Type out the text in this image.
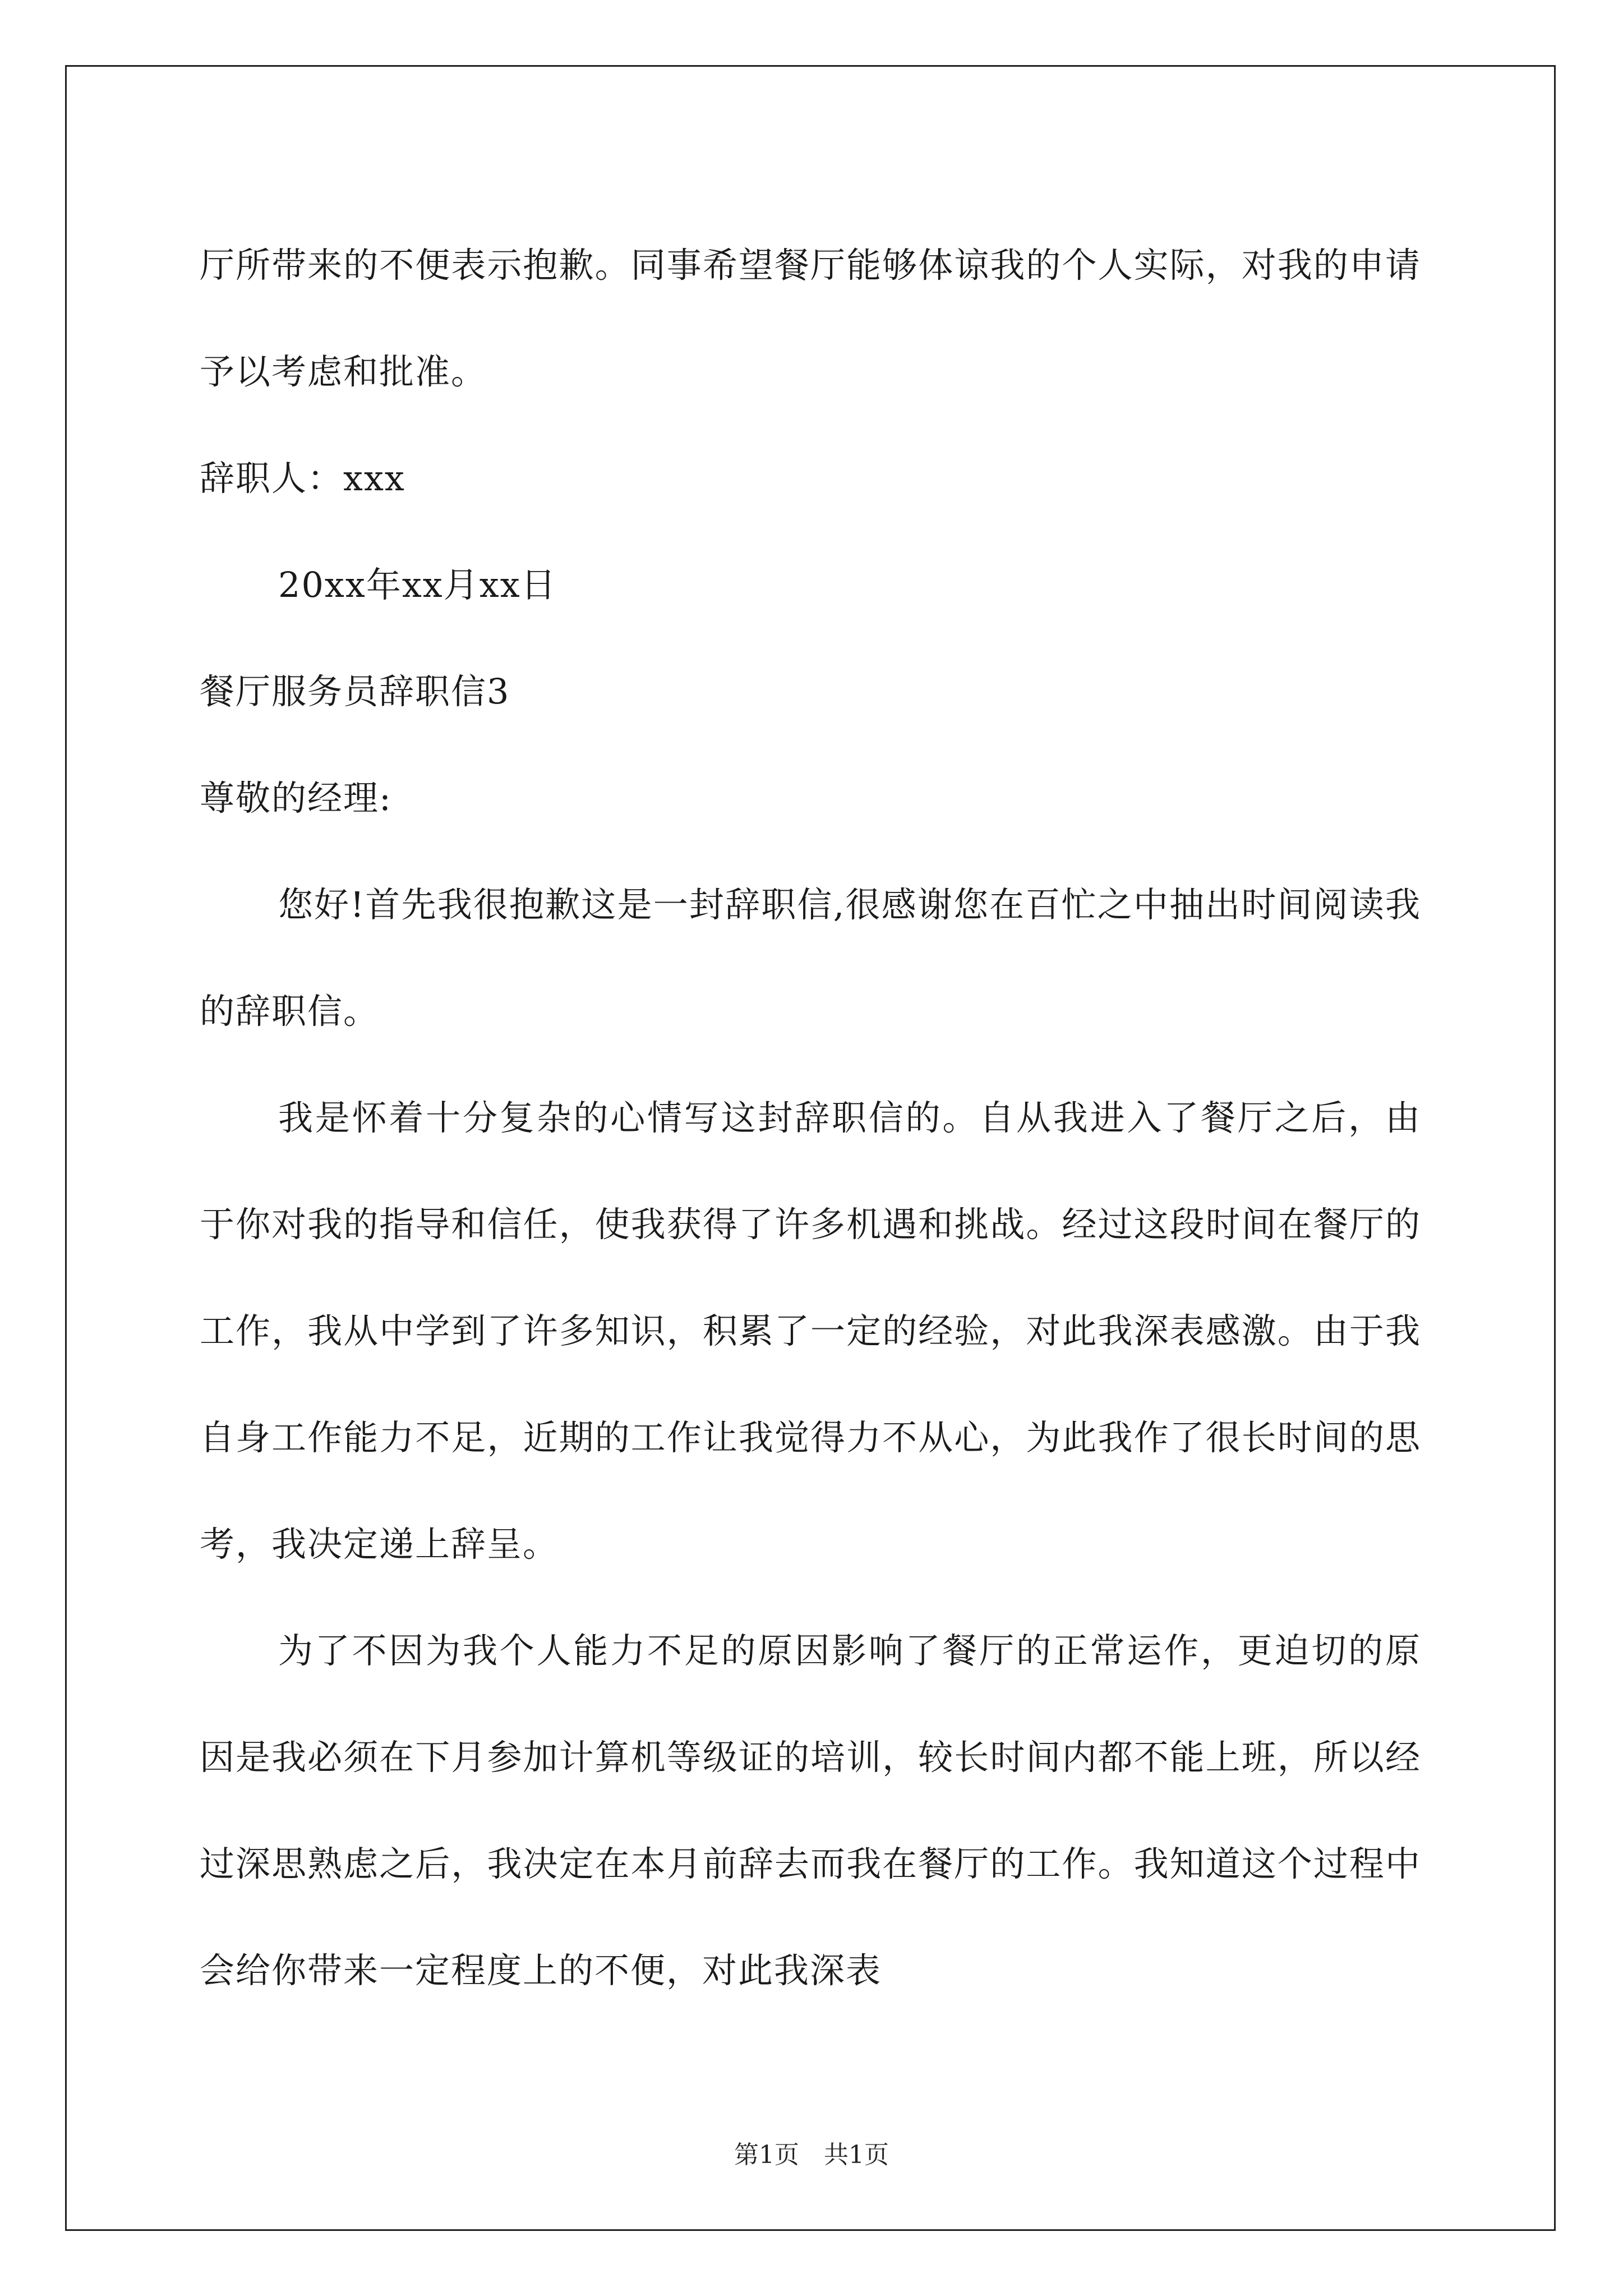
厅所带来的不便表示抱歉。同事希望餐厅能够体谅我的个人实际，对我的申请予以考虑和批准。

辞职人：xxx

20xx年xx月xx日

餐厅服务员辞职信3

尊敬的经理:

您好!首先我很抱歉这是一封辞职信,很感谢您在百忙之中抽出时间阅读我的辞职信。

我是怀着十分复杂的心情写这封辞职信的。自从我进入了餐厅之后，由于你对我的指导和信任，使我获得了许多机遇和挑战。经过这段时间在餐厅的工作，我从中学到了许多知识，积累了一定的经验，对此我深表感激。由于我自身工作能力不足，近期的工作让我觉得力不从心，为此我作了很长时间的思考，我决定递上辞呈。

为了不因为我个人能力不足的原因影响了餐厅的正常运作，更迫切的原因是我必须在下月参加计算机等级证的培训，较长时间内都不能上班，所以经过深思熟虑之后，我决定在本月前辞去而我在餐厅的工作。我知道这个过程中会给你带来一定程度上的不便，对此我深表

第1页　共1页
